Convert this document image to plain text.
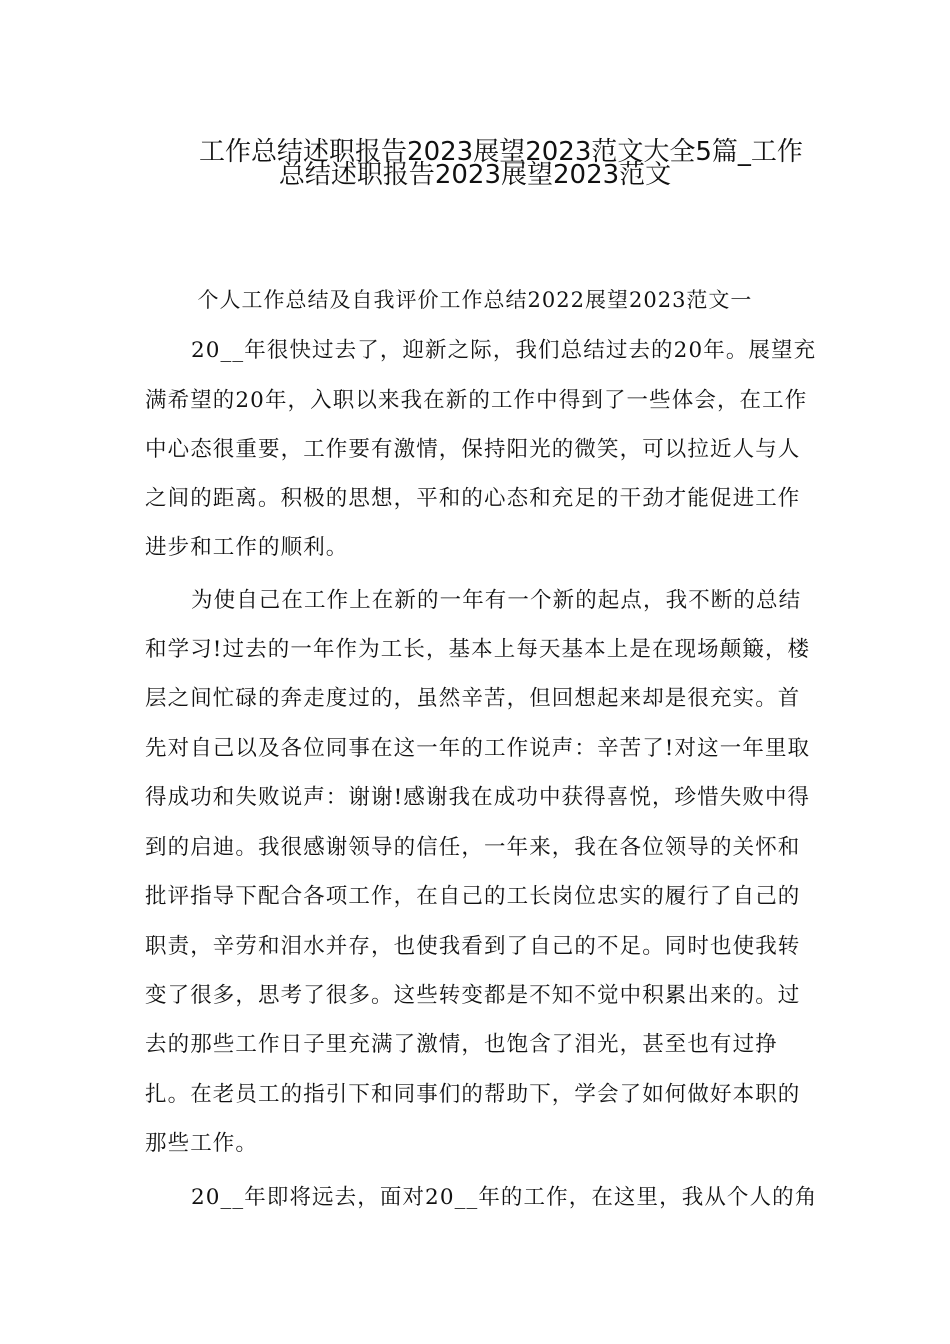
工作总结述职报告2023展望2023范文大全5篇_工作
总结述职报告2023展望2023范文
个人工作总结及自我评价工作总结2022展望2023范文一
20__年很快过去了，迎新之际，我们总结过去的20年。展望充
满希望的20年，入职以来我在新的工作中得到了一些体会，在工作
中心态很重要，工作要有激情，保持阳光的微笑，可以拉近人与人
之间的距离。积极的思想，平和的心态和充足的干劲才能促进工作
进步和工作的顺利。
为使自己在工作上在新的一年有一个新的起点，我不断的总结
和学习!过去的一年作为工长，基本上每天基本上是在现场颠簸，楼
层之间忙碌的奔走度过的，虽然辛苦，但回想起来却是很充实。首
先对自己以及各位同事在这一年的工作说声：辛苦了!对这一年里取
得成功和失败说声：谢谢!感谢我在成功中获得喜悦，珍惜失败中得
到的启迪。我很感谢领导的信任，一年来，我在各位领导的关怀和
批评指导下配合各项工作，在自己的工长岗位忠实的履行了自己的
职责，辛劳和泪水并存，也使我看到了自己的不足。同时也使我转
变了很多，思考了很多。这些转变都是不知不觉中积累出来的。过
去的那些工作日子里充满了激情，也饱含了泪光，甚至也有过挣
扎。在老员工的指引下和同事们的帮助下，学会了如何做好本职的
那些工作。
20__年即将远去，面对20__年的工作，在这里，我从个人的角
